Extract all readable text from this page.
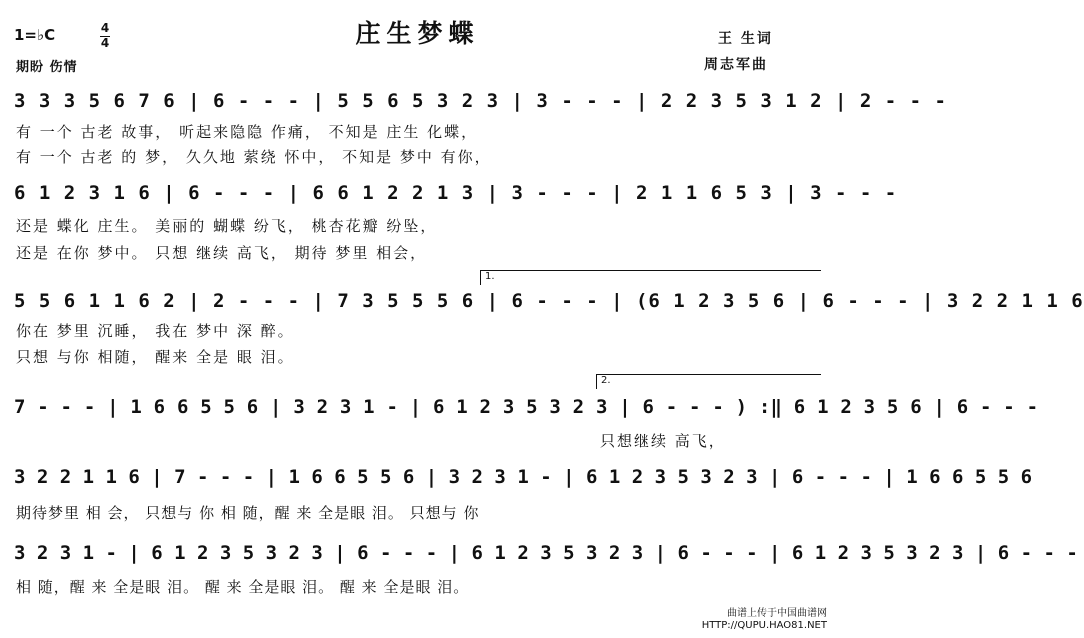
庄生梦蝶
1=♭C	4
4
期盼 伤情
王 生词
周志军曲
3 3 3 5 6 7 6 | 6 - - - | 5 5 6 5 3 2 3 | 3 - - - | 2 2 3 5 3 1 2 | 2 - - -
有 一个 古老 故事， 听起来隐隐 作痛， 不知是 庄生 化蝶，
有 一个 古老 的 梦， 久久地 萦绕 怀中， 不知是 梦中 有你，
6 1 2 3 1 6 | 6 - - - | 6 6 1 2 2 1 3 | 3 - - - | 2 1 1 6 5 3 | 3 - - -
还是 蝶化 庄生。 美丽的 蝴蝶 纷飞， 桃杏花瓣 纷坠，
还是 在你 梦中。 只想 继续 高飞， 期待 梦里 相会，
1.
5 5 6 1 1 6 2 | 2 - - - | 7 3 5 5 5 6 | 6 - - - | (6 1 2 3 5 6 | 6 - - - | 3 2 2 1 1 6
你在 梦里 沉睡， 我在 梦中 深 醉。
只想 与你 相随， 醒来 全是 眼 泪。
2.
7 - - - | 1 6 6 5 5 6 | 3 2 3 1 - | 6 1 2 3 5 3 2 3 | 6 - - - ) :‖ 6 1 2 3 5 6 | 6 - - -
只想继续 高飞，
3 2 2 1 1 6 | 7 - - - | 1 6 6 5 5 6 | 3 2 3 1 - | 6 1 2 3 5 3 2 3 | 6 - - - | 1 6 6 5 5 6
期待梦里 相 会， 只想与 你 相 随，醒 来 全是眼 泪。 只想与 你
3 2 3 1 - | 6 1 2 3 5 3 2 3 | 6 - - - | 6 1 2 3 5 3 2 3 | 6 - - - | 6 1 2 3 5 3 2 3 | 6 - - -
相 随，醒 来 全是眼 泪。 醒 来 全是眼 泪。 醒 来 全是眼 泪。
曲谱上传于中国曲谱网
HTTP://QUPU.HAO81.NET
